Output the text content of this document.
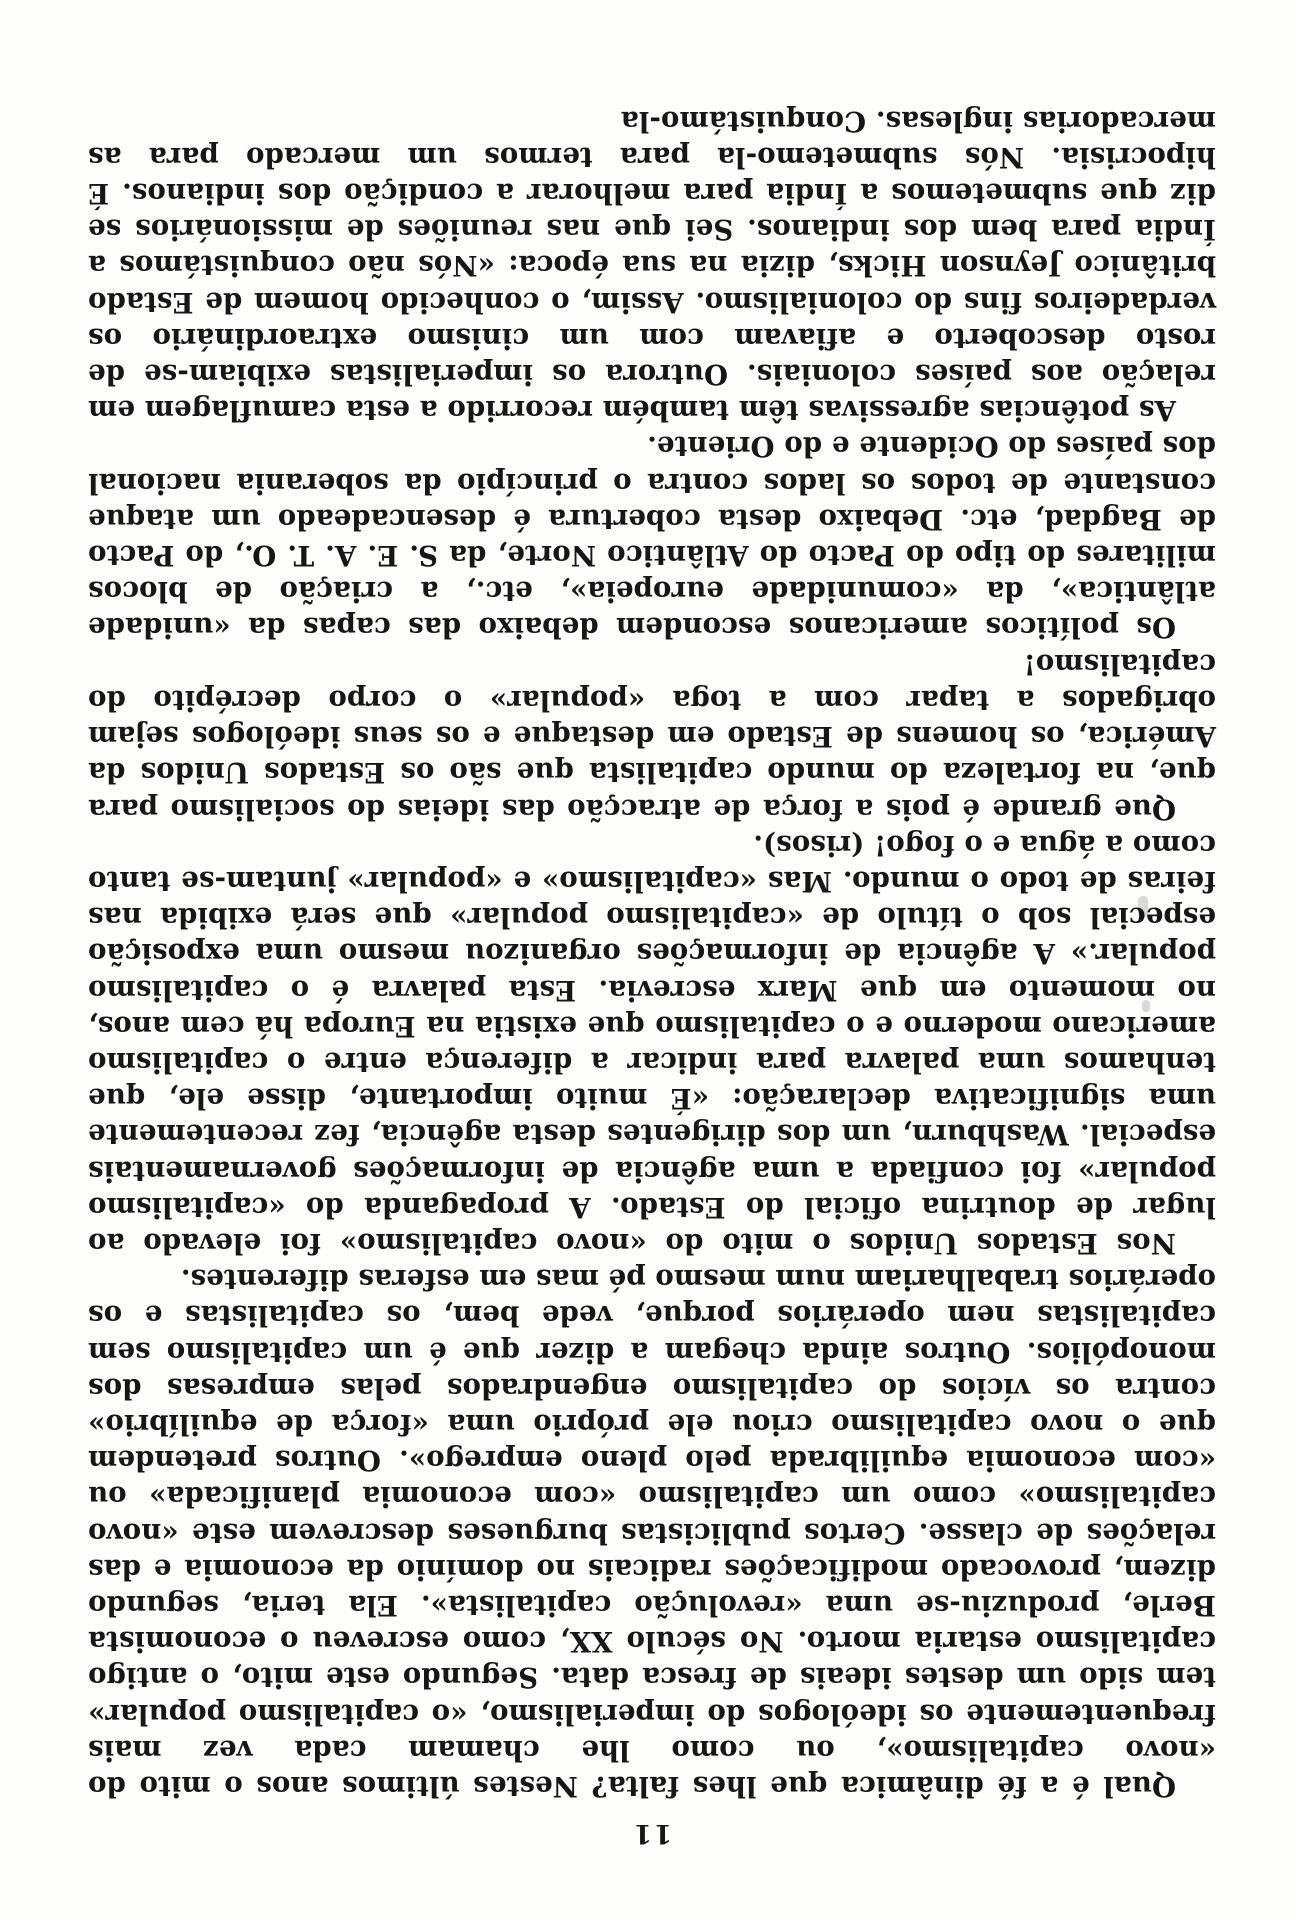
11

Qual é a fé dinâmica que lhes falta? Nestes últimos anos o mito do «novo capitalismo», ou como lhe chamam cada vez mais frequentemente os ideólogos do imperialismo, «o capitalismo popular» tem sido um destes ideais de fresca data. Segundo este mito, o antigo capitalismo estaria morto. No século XX, como escreveu o economista Berle, produziu-se uma «revolução capitalista». Ela teria, segundo dizem, provocado modificações radicais no domínio da economia e das relações de classe. Certos publicistas burgueses descrevem este «novo capitalismo» como um capitalismo «com economia planificada» ou «com economia equilibrada pelo pleno emprego». Outros pretendem que o novo capitalismo criou ele próprio uma «força de equilíbrio» contra os vícios do capitalismo engendrados pelas empresas dos monopólios. Outros ainda chegam a dizer que é um capitalismo sem capitalistas nem operários porque, vede bem, os capitalistas e os operários trabalhariam num mesmo pé mas em esferas diferentes.

Nos Estados Unidos o mito do «novo capitalismo» foi elevado ao lugar de doutrina oficial do Estado. A propaganda do «capitalismo popular» foi confiada a uma agência de informações governamentais especial. Washburn, um dos dirigentes desta agência, fez recentemente uma significativa declaração: «É muito importante, disse ele, que tenhamos uma palavra para indicar a diferença entre o capitalismo americano moderno e o capitalismo que existia na Europa há cem anos, no momento em que Marx escrevia. Esta palavra é o capitalismo popular.» A agência de informações organizou mesmo uma exposição especial sob o título de «capitalismo popular» que será exibida nas feiras de todo o mundo. Mas «capitalismo» e «popular» juntam-se tanto como a água e o fogo! (risos).

Que grande é pois a força de atracção das ideias do socialismo para que, na fortaleza do mundo capitalista que são os Estados Unidos da América, os homens de Estado em destaque e os seus ideólogos sejam obrigados a tapar com a toga «popular» o corpo decrépito do capitalismo!

Os políticos americanos escondem debaixo das capas da «unidade atlântica», da «comunidade europeia», etc., a criação de blocos militares do tipo do Pacto do Atlântico Norte, da S. E. A. T. O., do Pacto de Bagdad, etc. Debaixo desta cobertura é desencadeado um ataque constante de todos os lados contra o princípio da soberania nacional dos países do Ocidente e do Oriente.

As potências agressivas têm também recorrido a esta camuflagem em relação aos países coloniais. Outrora os imperialistas exibiam-se de rosto descoberto e afiavam com um cinismo extraordinário os verdadeiros fins do colonialismo. Assim, o conhecido homem de Estado britânico Jeynson Hicks, dizia na sua época: «Nós não conquistámos a Índia para bem dos indianos. Sei que nas reuniões de missionários se diz que submetemos a Índia para melhorar a condição dos indianos. É hipocrisia. Nós submetemo-la para termos um mercado para as mercadorias inglesas. Conquistámo-la
